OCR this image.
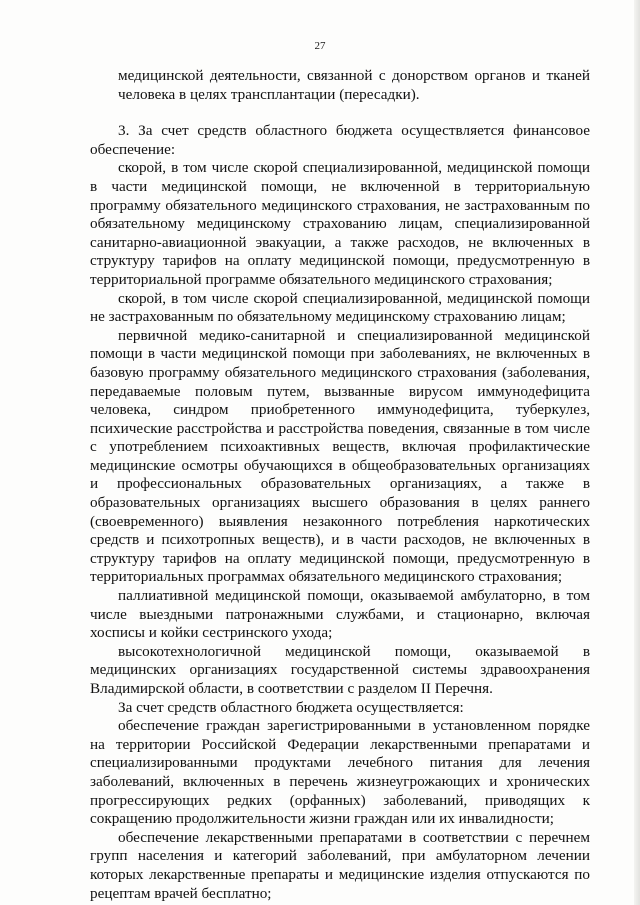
27

медицинской деятельности, связанной с донорством органов и тканей человека в целях трансплантации (пересадки).

3. За счет средств областного бюджета осуществляется финансовое обеспечение:

скорой, в том числе скорой специализированной, медицинской помощи в части медицинской помощи, не включенной в территориальную программу обязательного медицинского страхования, не застрахованным по обязательному медицинскому страхованию лицам, специализированной санитарно-авиационной эвакуации, а также расходов, не включенных в структуру тарифов на оплату медицинской помощи, предусмотренную в территориальной программе обязательного медицинского страхования;

скорой, в том числе скорой специализированной, медицинской помощи не застрахованным по обязательному медицинскому страхованию лицам;

первичной медико-санитарной и специализированной медицинской помощи в части медицинской помощи при заболеваниях, не включенных в базовую программу обязательного медицинского страхования (заболевания, передаваемые половым путем, вызванные вирусом иммунодефицита человека, синдром приобретенного иммунодефицита, туберкулез, психические расстройства и расстройства поведения, связанные в том числе с употреблением психоактивных веществ, включая профилактические медицинские осмотры обучающихся в общеобразовательных организациях и профессиональных образовательных организациях, а также в образовательных организациях высшего образования в целях раннего (своевременного) выявления незаконного потребления наркотических средств и психотропных веществ), и в части расходов, не включенных в структуру тарифов на оплату медицинской помощи, предусмотренную в территориальных программах обязательного медицинского страхования;

паллиативной медицинской помощи, оказываемой амбулаторно, в том числе выездными патронажными службами, и стационарно, включая хосписы и койки сестринского ухода;

высокотехнологичной медицинской помощи, оказываемой в медицинских организациях государственной системы здравоохранения Владимирской области, в соответствии с разделом II Перечня.

За счет средств областного бюджета осуществляется:

обеспечение граждан зарегистрированными в установленном порядке на территории Российской Федерации лекарственными препаратами и специализированными продуктами лечебного питания для лечения заболеваний, включенных в перечень жизнеугрожающих и хронических прогрессирующих редких (орфанных) заболеваний, приводящих к сокращению продолжительности жизни граждан или их инвалидности;

обеспечение лекарственными препаратами в соответствии с перечнем групп населения и категорий заболеваний, при амбулаторном лечении которых лекарственные препараты и медицинские изделия отпускаются по рецептам врачей бесплатно;
